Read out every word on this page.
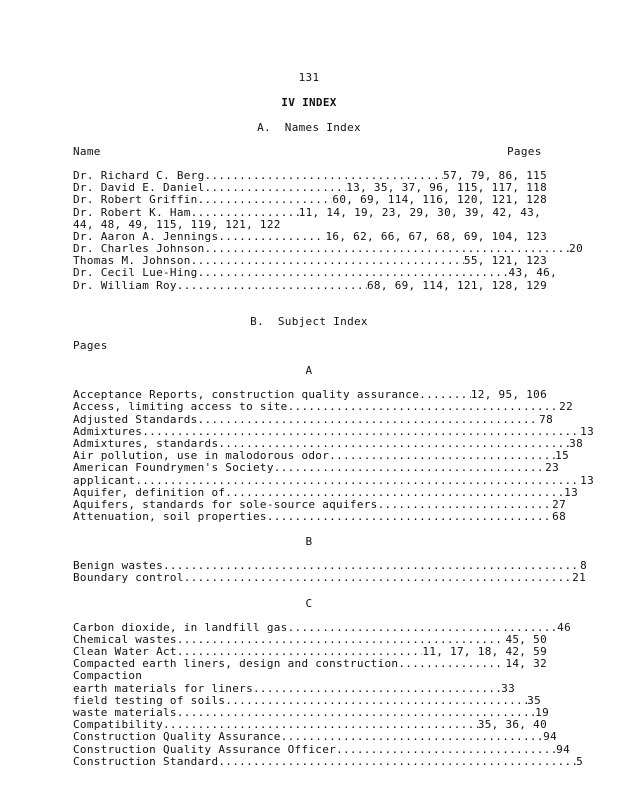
131
IV INDEX
A.  Names Index
Name	Pages
Dr. Richard C. Berg .....	57, 79, 86, 115
Dr. David E. Daniel .....	13, 35, 37, 96, 115, 117, 118
Dr. Robert Griffin .....	60, 69, 114, 116, 120, 121, 128
Dr. Robert K. Ham .....	11, 14, 19, 23, 29, 30, 39, 42, 43,
44, 48, 49, 115, 119, 121, 122
Dr. Aaron A. Jennings .....	16, 62, 66, 67, 68, 69, 104, 123
Dr. Charles Johnson .....	20
Thomas M. Johnson .....	55, 121, 123
Dr. Cecil Lue-Hing .....	43, 46,
Dr. William Roy .....	68, 69, 114, 121, 128, 129
B.  Subject Index
Pages
A
Acceptance Reports, construction quality assurance .....	12, 95, 106
Access, limiting access to site .....	22
Adjusted Standards .....	78
Admixtures .....	13
Admixtures, standards .....	38
Air pollution, use in malodorous odor .....	15
American Foundrymen's Society .....	23
applicant .....	13
Aquifer, definition of .....	13
Aquifers, standards for sole-source aquifers .....	27
Attenuation, soil properties .....	68
B
Benign wastes .....	8
Boundary control .....	21
C
Carbon dioxide, in landfill gas .....	46
Chemical wastes .....	45, 50
Clean Water Act .....	11, 17, 18, 42, 59
Compacted earth liners, design and construction .....	14, 32
Compaction
earth materials for liners .....	33
field testing of soils .....	35
waste materials .....	19
Compatibility .....	35, 36, 40
Construction Quality Assurance .....	94
Construction Quality Assurance Officer .....	94
Construction Standard .....	5
